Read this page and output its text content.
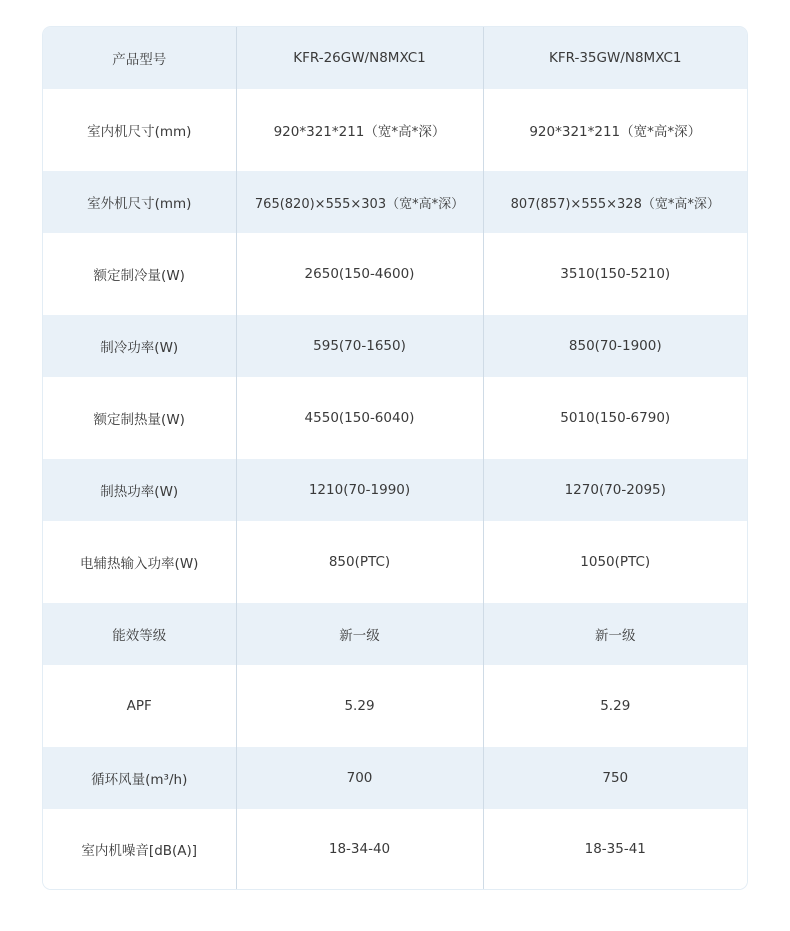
产品型号	KFR-26GW/N8MXC1	KFR-35GW/N8MXC1
室内机尺寸(mm)	920*321*211（宽*高*深）	920*321*211（宽*高*深）
室外机尺寸(mm)	765(820)×555×303（宽*高*深）	807(857)×555×328（宽*高*深）
额定制冷量(W)	2650(150-4600)	3510(150-5210)
制冷功率(W)	595(70-1650)	850(70-1900)
额定制热量(W)	4550(150-6040)	5010(150-6790)
制热功率(W)	1210(70-1990)	1270(70-2095)
电辅热输入功率(W)	850(PTC)	1050(PTC)
能效等级	新一级	新一级
APF	5.29	5.29
循环风量(m³/h)	700	750
室内机噪音[dB(A)]	18-34-40	18-35-41
